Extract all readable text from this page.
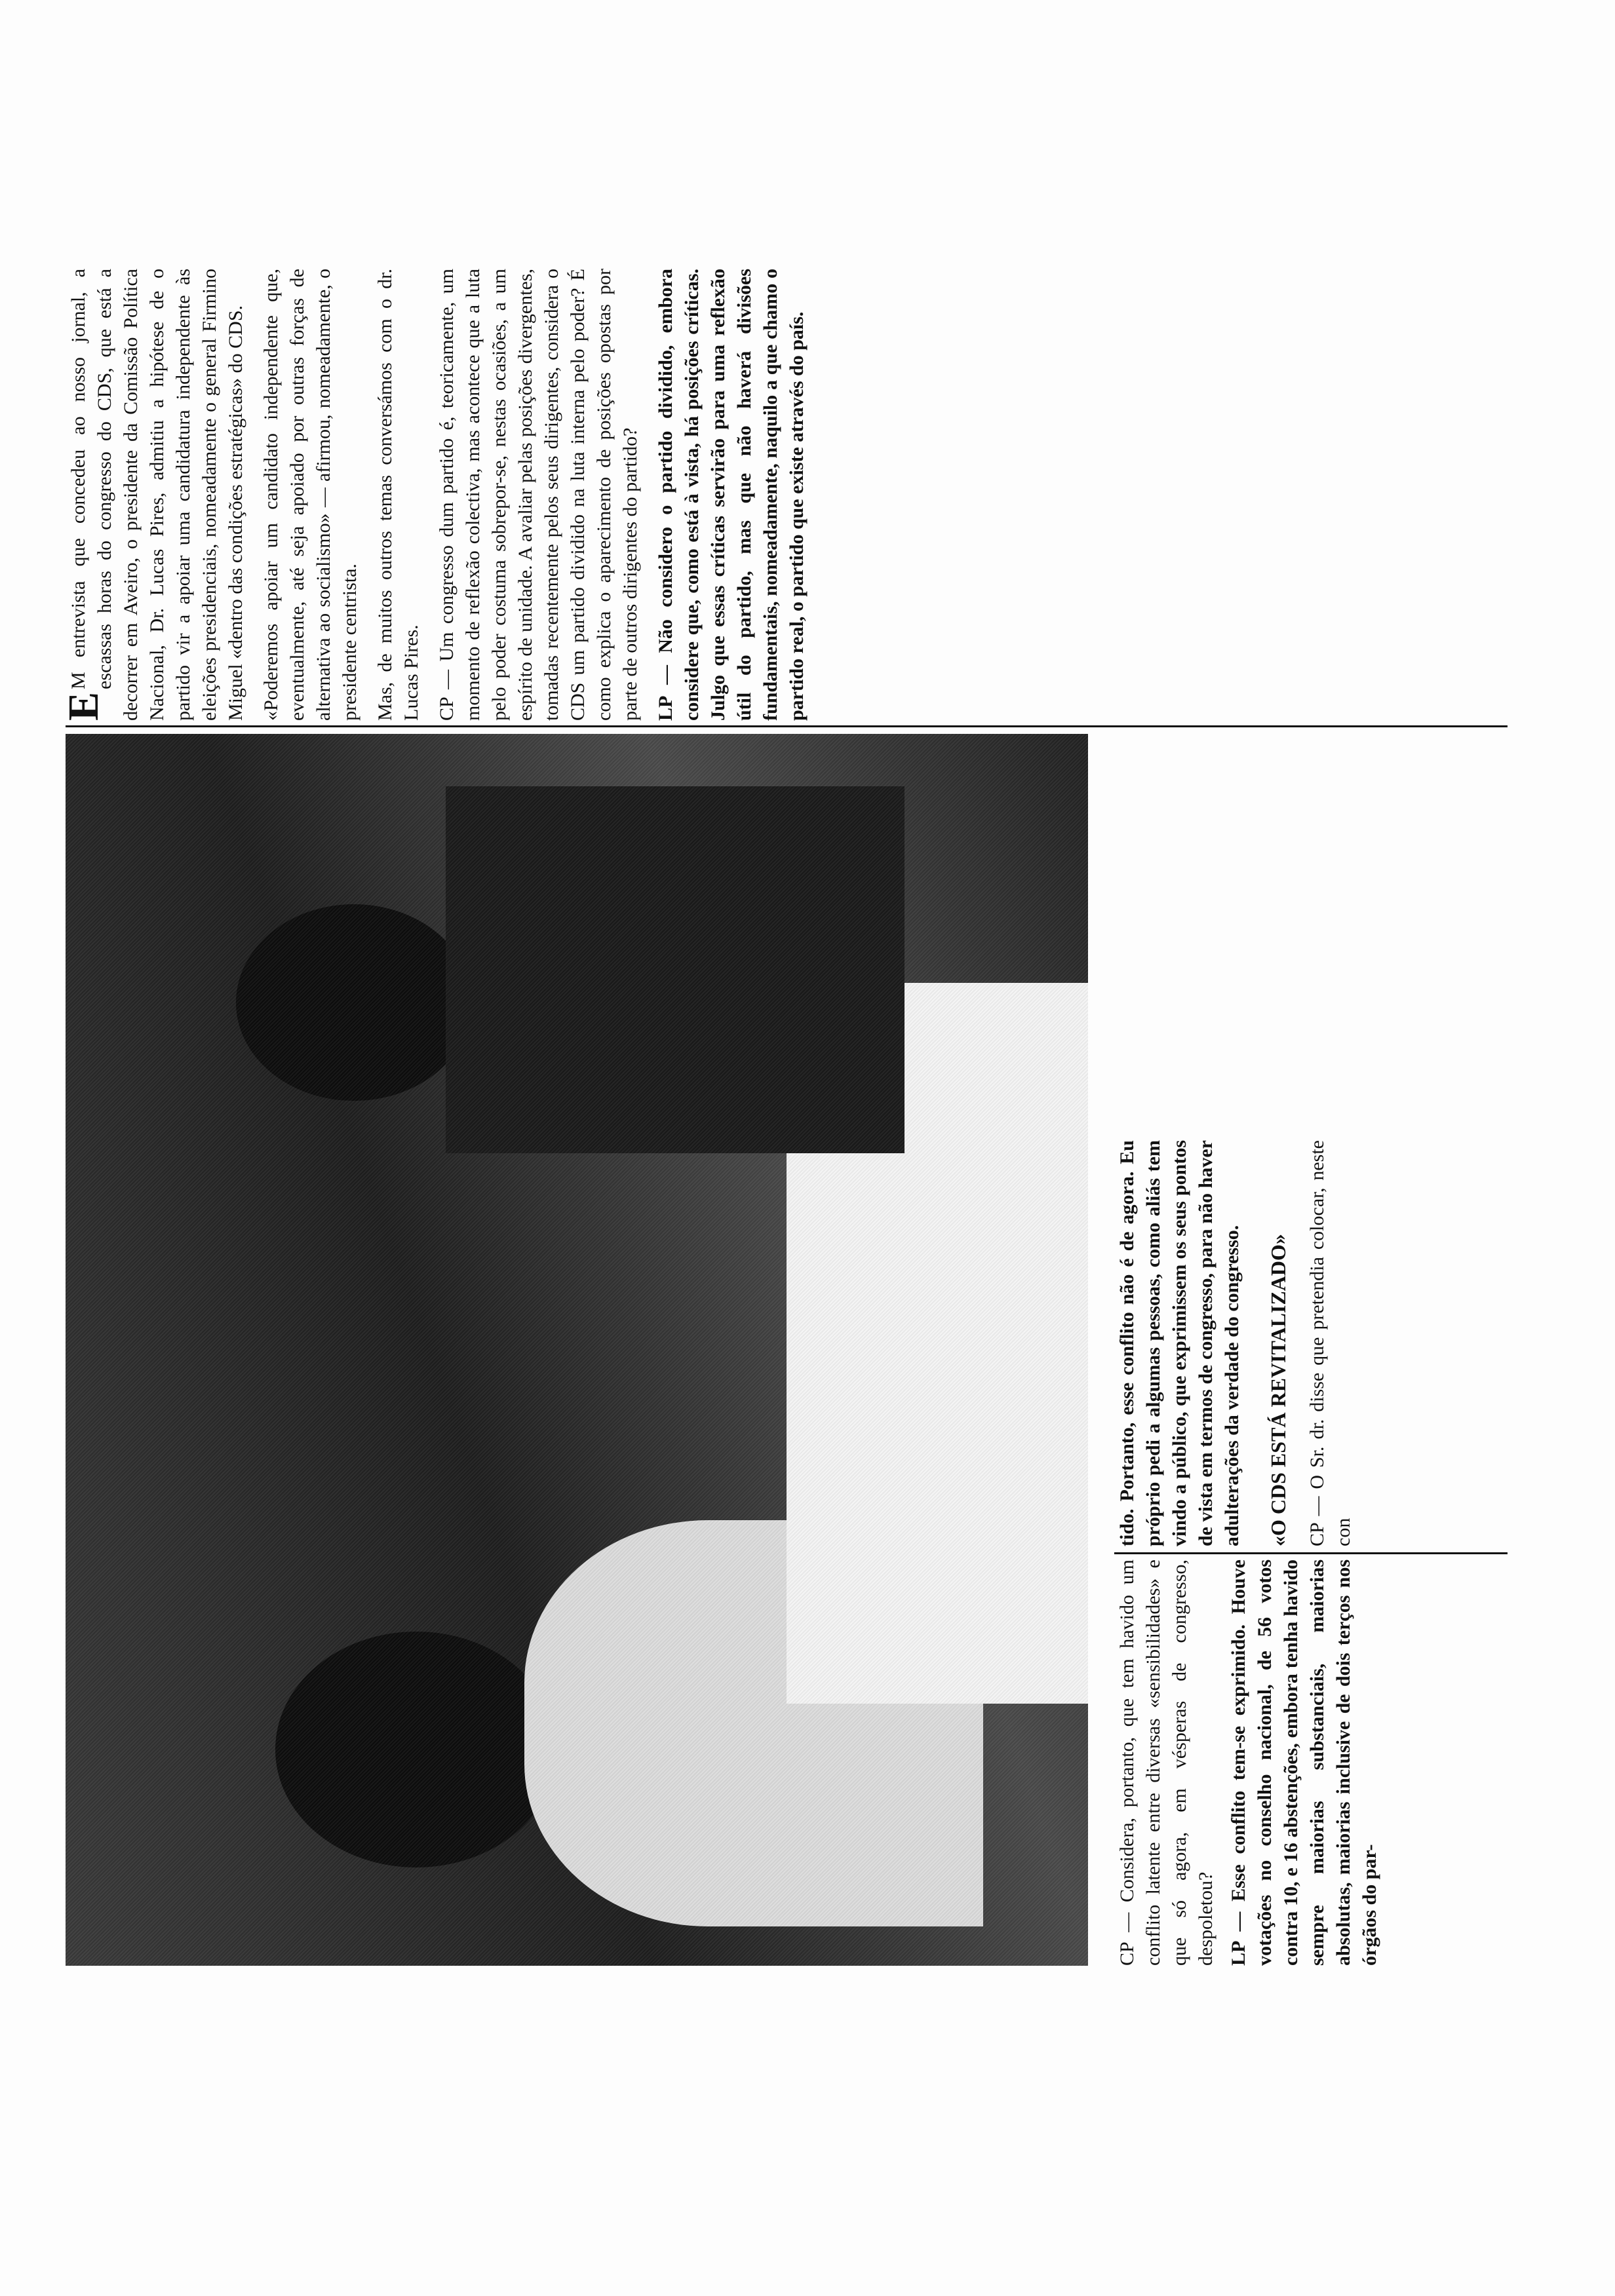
E
M entrevista que concedeu ao nosso jornal, a escassas horas do congresso do CDS, que está a decorrer em Aveiro, o presidente da Comissão Política Nacional, Dr. Lucas Pires, admitiu a hipótese de o partido vir a apoiar uma candidatura independente às eleições presidenciais, nomeadamente o general Firmino Miguel «dentro das condições estratégicas» do CDS. «Poderemos apoiar um candidato independente que, eventualmente, até seja apoiado por outras forças de alternativa ao socialismo» — afirmou, nomeadamente, o presidente centrista. Mas, de muitos outros temas conversámos com o dr. Lucas Pires. CP — Um congresso dum partido é, teoricamente, um momento de reflexão colectiva, mas acontece que a luta pelo poder costuma sobrepor-se, nestas ocasiões, a um espírito de unidade. A avaliar pelas posições divergentes, tomadas recentemente pelos seus dirigentes, considera o CDS um partido dividido na luta interna pelo poder? É como explica o aparecimento de posições opostas por parte de outros dirigentes do partido? LP — Não considero o partido dividido, embora considere que, como está à vista, há posições críticas. Julgo que essas críticas servirão para uma reflexão útil do partido, mas que não haverá divisões fundamentais, nomeadamente, naquilo a que chamo o partido real, o partido que existe através do país.

CP — Considera, portanto, que tem havido um conflito latente entre diversas «sensibilidades» e que só agora, em vésperas de congresso, despoletou? LP — Esse conflito tem-se exprimido. Houve votações no conselho nacional, de 56 votos contra 10, e 16 abstenções, embora tenha havido sempre maiorias substanciais, maiorias absolutas, maiorias inclusive de dois terços nos órgãos do par-

tido. Portanto, esse conflito não é de agora. Eu próprio pedi a algumas pessoas, como aliás tem vindo a público, que exprimissem os seus pontos de vista em termos de congresso, para não haver adulterações da verdade do congresso. «O CDS ESTÁ REVITALIZADO» CP — O Sr. dr. disse que pretendia colocar, neste con
